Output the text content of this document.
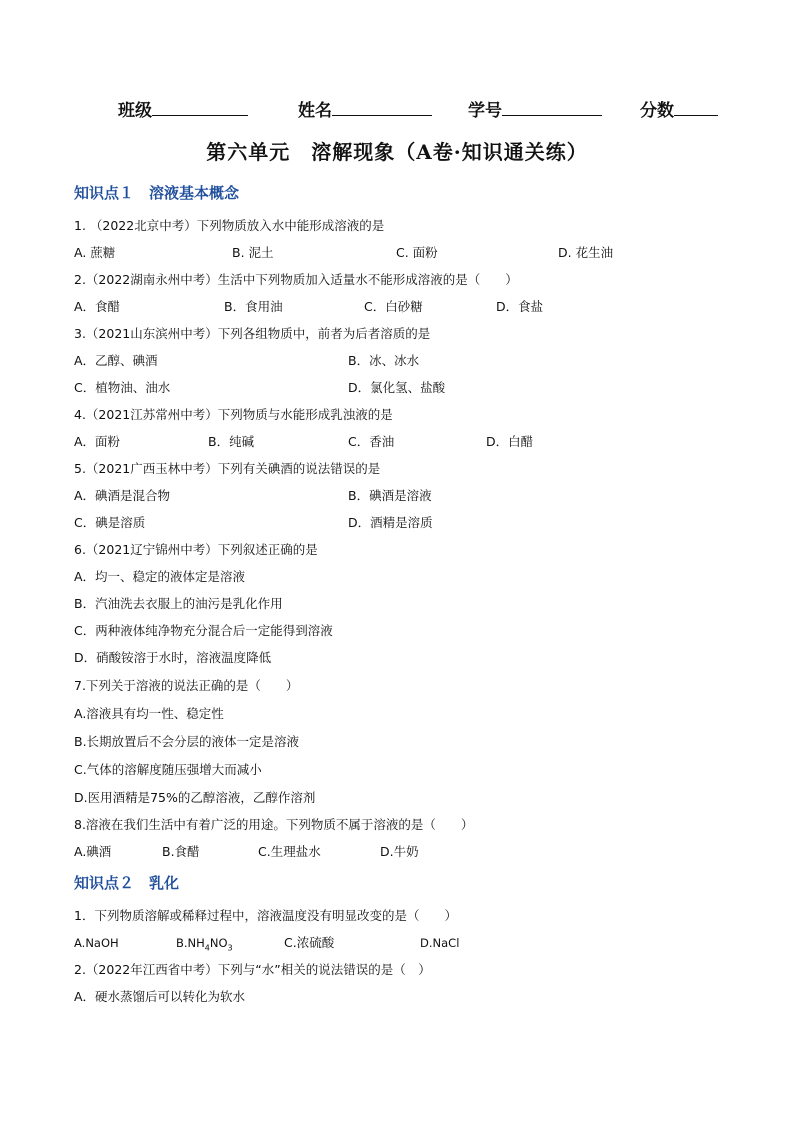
班级	姓名	学号	分数
第六单元　溶解现象（A卷·知识通关练）
知识点１　溶液基本概念
1. （2022北京中考）下列物质放入水中能形成溶液的是
A. 蔗糖	B. 泥土	C. 面粉	D. 花生油
2.（2022湖南永州中考）生活中下列物质加入适量水不能形成溶液的是（　　）
A．食醋	B．食用油	C．白砂糖	D．食盐
3.（2021山东滨州中考）下列各组物质中，前者为后者溶质的是
A．乙醇、碘酒	B．冰、冰水
C．植物油、油水	D．氯化氢、盐酸
4.（2021江苏常州中考）下列物质与水能形成乳浊液的是
A．面粉	B．纯碱	C．香油	D．白醋
5.（2021广西玉林中考）下列有关碘酒的说法错误的是
A．碘酒是混合物	B．碘酒是溶液
C．碘是溶质	D．酒精是溶质
6.（2021辽宁锦州中考）下列叙述正确的是
A．均一、稳定的液体定是溶液
B．汽油洗去衣服上的油污是乳化作用
C．两种液体纯净物充分混合后一定能得到溶液
D．硝酸铵溶于水时，溶液温度降低
7.下列关于溶液的说法正确的是（　　）
A.溶液具有均一性、稳定性
B.长期放置后不会分层的液体一定是溶液
C.气体的溶解度随压强增大而减小
D.医用酒精是75%的乙醇溶液，乙醇作溶剂
8.溶液在我们生活中有着广泛的用途。下列物质不属于溶液的是（　　）
A.碘酒	B.食醋	C.生理盐水	D.牛奶
知识点２　乳化
1．下列物质溶解或稀释过程中，溶液温度没有明显改变的是（　　）
A.NaOH	$B.NH_4NO_3$	C.浓硫酸	D.NaCl
2.（2022年江西省中考）下列与“水”相关的说法错误的是（　）
A．硬水蒸馏后可以转化为软水
